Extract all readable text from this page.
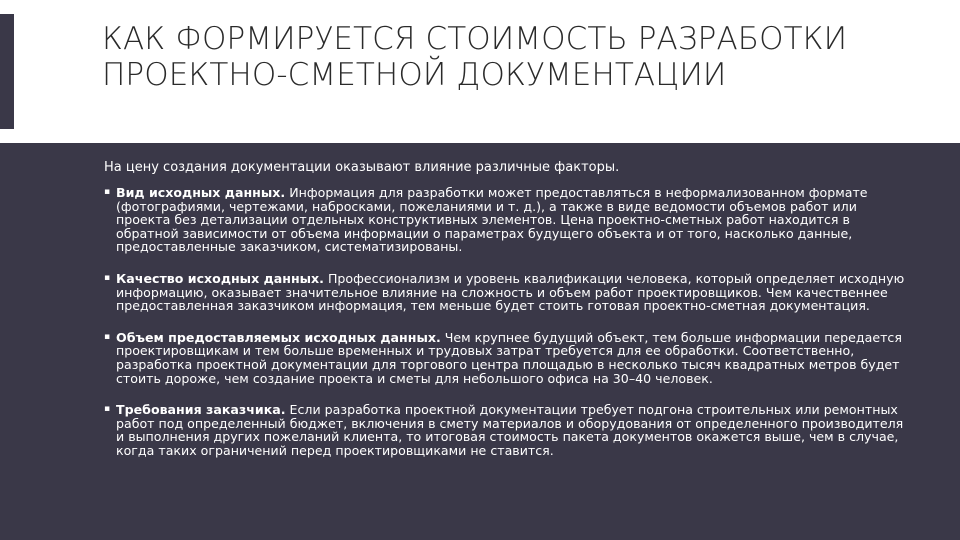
КАК ФОРМИРУЕТСЯ СТОИМОСТЬ РАЗРАБОТКИ ПРОЕКТНО-СМЕТНОЙ ДОКУМЕНТАЦИИ
На цену создания документации оказывают влияние различные факторы.
▪ Вид исходных данных. Информация для разработки может предоставляться в неформализованном формате (фотографиями, чертежами, набросками, пожеланиями и т. д.), а также в виде ведомости объемов работ или проекта без детализации отдельных конструктивных элементов. Цена проектно-сметных работ находится в обратной зависимости от объема информации о параметрах будущего объекта и от того, насколько данные, предоставленные заказчиком, систематизированы.
▪ Качество исходных данных. Профессионализм и уровень квалификации человека, который определяет исходную информацию, оказывает значительное влияние на сложность и объем работ проектировщиков. Чем качественнее предоставленная заказчиком информация, тем меньше будет стоить готовая проектно-сметная документация.
▪ Объем предоставляемых исходных данных. Чем крупнее будущий объект, тем больше информации передается проектировщикам и тем больше временных и трудовых затрат требуется для ее обработки. Соответственно, разработка проектной документации для торгового центра площадью в несколько тысяч квадратных метров будет стоить дороже, чем создание проекта и сметы для небольшого офиса на 30–40 человек.
▪ Требования заказчика. Если разработка проектной документации требует подгона строительных или ремонтных работ под определенный бюджет, включения в смету материалов и оборудования от определенного производителя и выполнения других пожеланий клиента, то итоговая стоимость пакета документов окажется выше, чем в случае, когда таких ограничений перед проектировщиками не ставится.
